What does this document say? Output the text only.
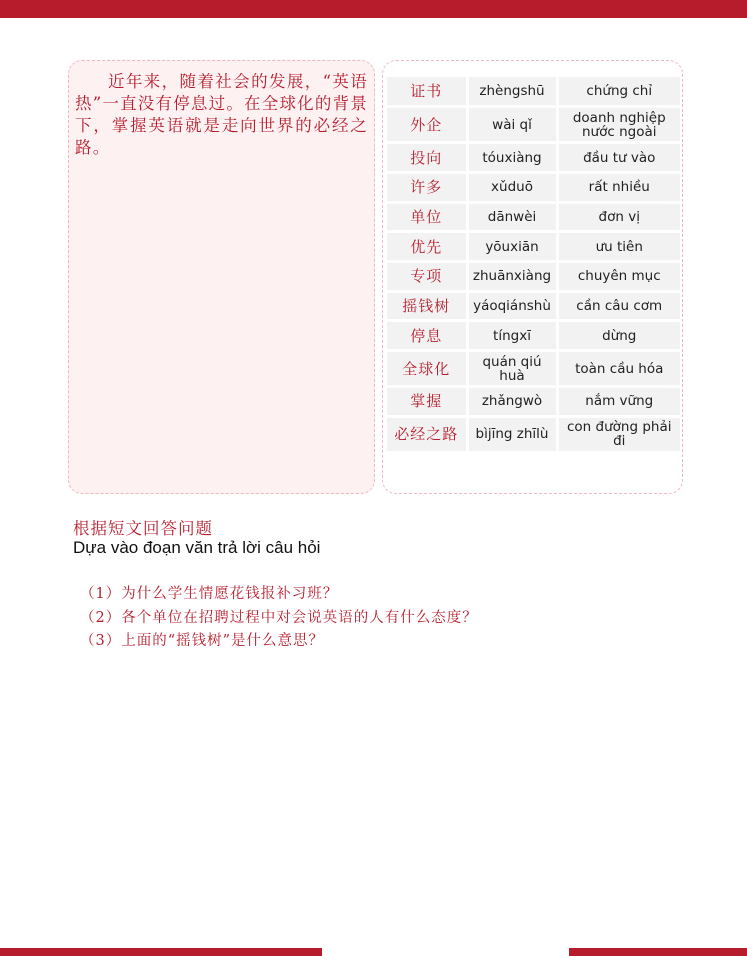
近年来，随着社会的发展，“英语热”一直没有停息过。在全球化的背景下，掌握英语就是走向世界的必经之路。

证书	zhèngshū	chứng chỉ
外企	wài qǐ	doanh nghiệp nước ngoài
投向	tóuxiàng	đầu tư vào
许多	xǔduō	rất nhiều
单位	dānwèi	đơn vị
优先	yōuxiān	ưu tiên
专项	zhuānxiàng	chuyên mục
摇钱树	yáoqiánshù	cần câu cơm
停息	tíngxī	dừng
全球化	quán qiú huà	toàn cầu hóa
掌握	zhǎngwò	nắm vững
必经之路	bìjīng zhīlù	con đường phải đi
根据短文回答问题
Dựa vào đoạn văn trả lời câu hỏi
（1）为什么学生情愿花钱报补习班？
（2）各个单位在招聘过程中对会说英语的人有什么态度？
（3）上面的“摇钱树”是什么意思？
